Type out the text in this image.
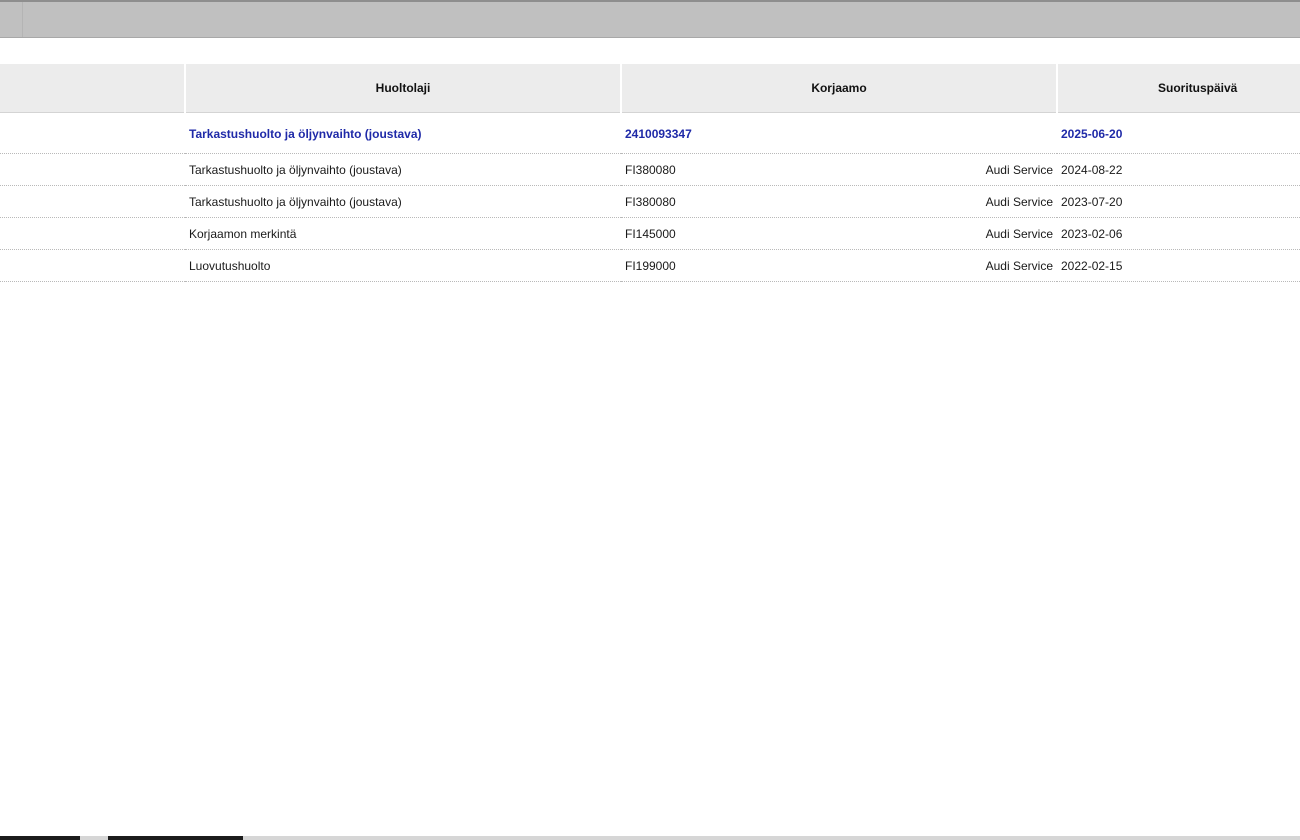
	Huoltolaji	Korjaamo	Suorituspäivä
	Tarkastushuolto ja öljynvaihto (joustava)	2410093347	2025-06-20
	Tarkastushuolto ja öljynvaihto (joustava)	FI380080 Audi Service	2024-08-22
	Tarkastushuolto ja öljynvaihto (joustava)	FI380080 Audi Service	2023-07-20
	Korjaamon merkintä	FI145000 Audi Service	2023-02-06
	Luovutushuolto	FI199000 Audi Service	2022-02-15
